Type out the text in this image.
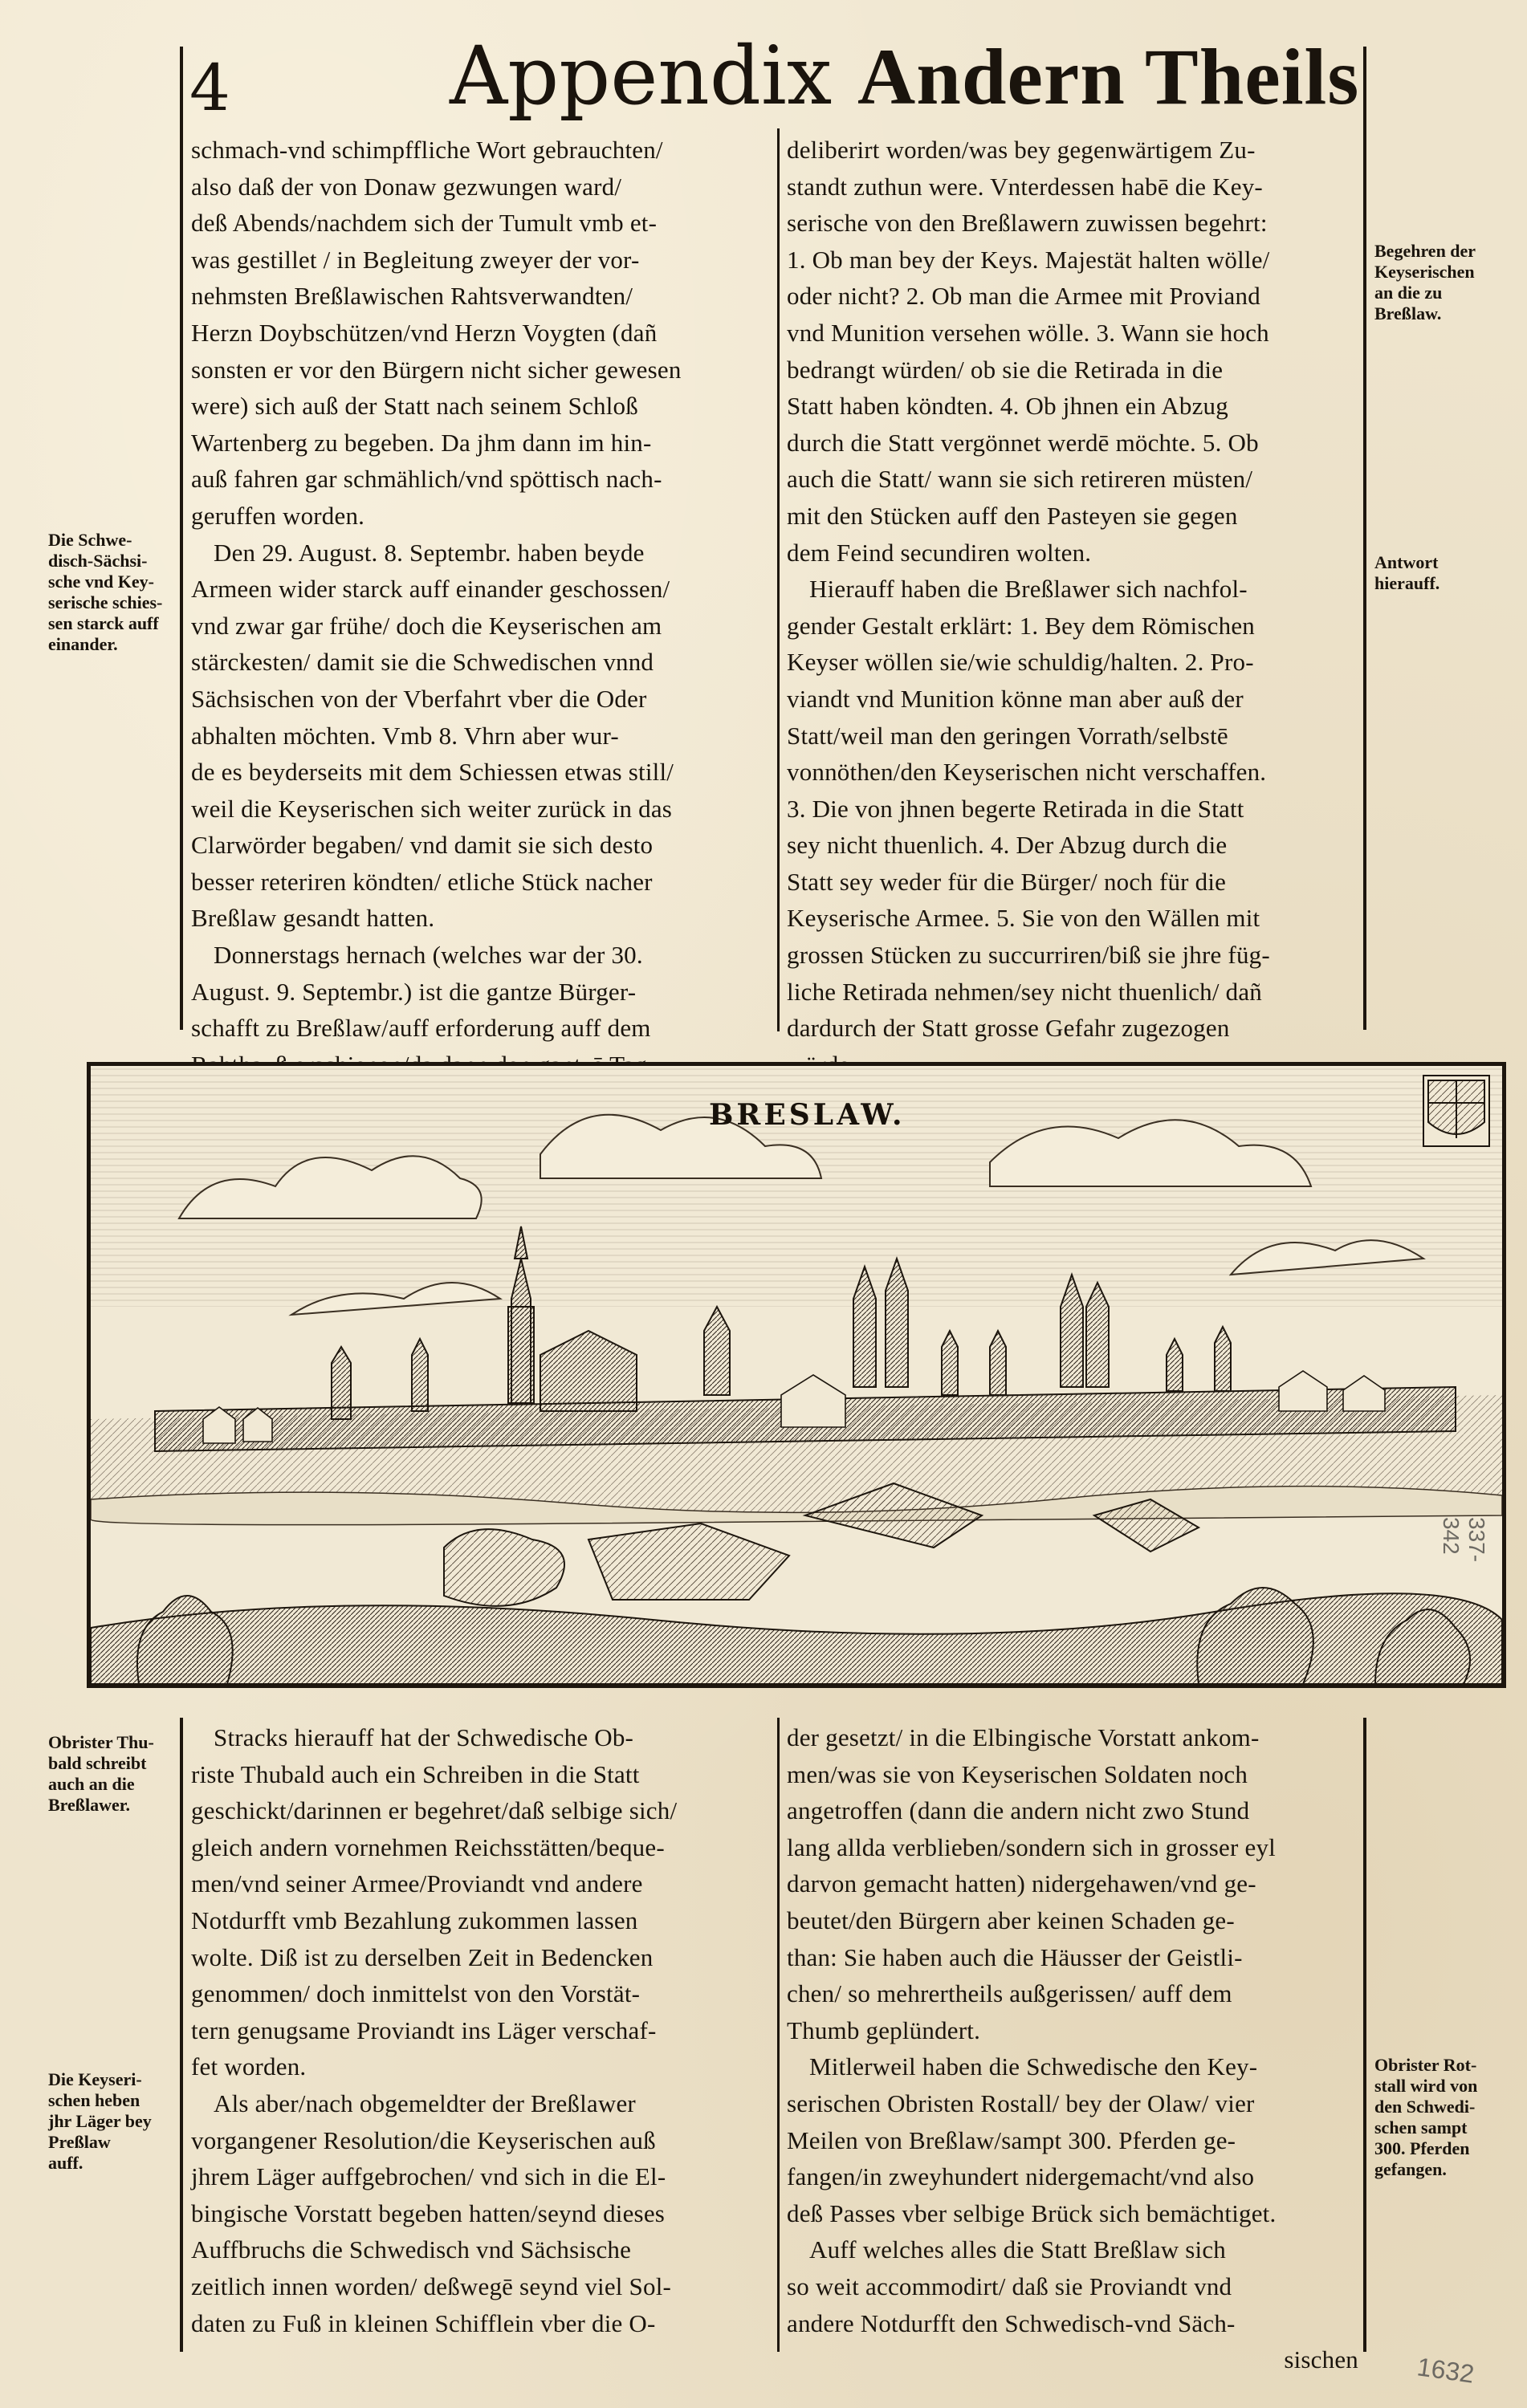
4	Appendix Andern Theils
schmach-vnd schimpffliche Wort gebrauchten/
also daß der von Donaw gezwungen ward/
deß Abends/nachdem sich der Tumult vmb et-
was gestillet / in Begleitung zweyer der vor-
nehmsten Breßlawischen Rahtsverwandten/
Herzn Doybschützen/vnd Herzn Voygten (dañ
sonsten er vor den Bürgern nicht sicher gewesen
were) sich auß der Statt nach seinem Schloß
Wartenberg zu begeben. Da jhm dann im hin-
auß fahren gar schmählich/vnd spöttisch nach-
geruffen worden.
Den 29. August. 8. Septembr. haben beyde
Armeen wider starck auff einander geschossen/
vnd zwar gar frühe/ doch die Keyserischen am
stärckesten/ damit sie die Schwedischen vnnd
Sächsischen von der Vberfahrt vber die Oder
abhalten möchten. Vmb 8. Vhrn aber wur-
de es beyderseits mit dem Schiessen etwas still/
weil die Keyserischen sich weiter zurück in das
Clarwörder begaben/ vnd damit sie sich desto
besser reteriren köndten/ etliche Stück nacher
Breßlaw gesandt hatten.
Donnerstags hernach (welches war der 30.
August. 9. Septembr.) ist die gantze Bürger-
schafft zu Breßlaw/auff erforderung auff dem
deliberirt worden/was bey gegenwärtigem Zu-
standt zuthun were. Vnterdessen habē die Key-
serische von den Breßlawern zuwissen begehrt:
1. Ob man bey der Keys. Majestät halten wölle/
oder nicht? 2. Ob man die Armee mit Proviand
vnd Munition versehen wölle. 3. Wann sie hoch
bedrangt würden/ ob sie die Retirada in die
Statt haben köndten. 4. Ob jhnen ein Abzug
durch die Statt vergönnet werdē möchte. 5. Ob
auch die Statt/ wann sie sich retireren müsten/
mit den Stücken auff den Pasteyen sie gegen
dem Feind secundiren wolten.
Hierauff haben die Breßlawer sich nachfol-
gender Gestalt erklärt: 1. Bey dem Römischen
Keyser wöllen sie/wie schuldig/halten. 2. Pro-
viandt vnd Munition könne man aber auß der
Statt/weil man den geringen Vorrath/selbstē
vonnöthen/den Keyserischen nicht verschaffen.
3. Die von jhnen begerte Retirada in die Statt
sey nicht thuenlich. 4. Der Abzug durch die
Statt sey weder für die Bürger/ noch für die
Keyserische Armee. 5. Sie von den Wällen mit
grossen Stücken zu succurriren/biß sie jhre füg-
liche Retirada nehmen/sey nicht thuenlich/ dañ
dardurch der Statt grosse Gefahr zugezogen
Die Schwe-
disch-Sächsi-
sche vnd Key-
serische schies-
sen starck auff
einander.
Begehren der
Keyserischen
an die zu
Breßlaw.
Antwort
hierauff.
BRESLAW.
Stracks hierauff hat der Schwedische Ob-
riste Thubald auch ein Schreiben in die Statt
geschickt/darinnen er begehret/daß selbige sich/
gleich andern vornehmen Reichsstätten/beque-
men/vnd seiner Armee/Proviandt vnd andere
Notdurfft vmb Bezahlung zukommen lassen
wolte. Diß ist zu derselben Zeit in Bedencken
genommen/ doch inmittelst von den Vorstät-
tern genugsame Proviandt ins Läger verschaf-
fet worden.
Als aber/nach obgemeldter der Breßlawer
vorgangener Resolution/die Keyserischen auß
jhrem Läger auffgebrochen/ vnd sich in die El-
bingische Vorstatt begeben hatten/seynd dieses
Auffbruchs die Schwedisch vnd Sächsische
zeitlich innen worden/ deßwegē seynd viel Sol-
daten zu Fuß in kleinen Schifflein vber die O-
der gesetzt/ in die Elbingische Vorstatt ankom-
men/was sie von Keyserischen Soldaten noch
angetroffen (dann die andern nicht zwo Stund
lang allda verblieben/sondern sich in grosser eyl
darvon gemacht hatten) nidergehawen/vnd ge-
beutet/den Bürgern aber keinen Schaden ge-
than: Sie haben auch die Häusser der Geistli-
chen/ so mehrertheils außgerissen/ auff dem
Thumb geplündert.
Mitlerweil haben die Schwedische den Key-
serischen Obristen Rostall/ bey der Olaw/ vier
Meilen von Breßlaw/sampt 300. Pferden ge-
fangen/in zweyhundert nidergemacht/vnd also
deß Passes vber selbige Brück sich bemächtiget.
Auff welches alles die Statt Breßlaw sich
so weit accommodirt/ daß sie Proviandt vnd
andere Notdurfft den Schwedisch-vnd Säch-
sischen
Obrister Thu-
bald schreibt
auch an die
Breßlawer.
Die Keyseri-
schen heben
jhr Läger bey
Preßlaw
auff.
Obrister Rot-
stall wird von
den Schwedi-
schen sampt
300. Pferden
gefangen.
337-342
1632
